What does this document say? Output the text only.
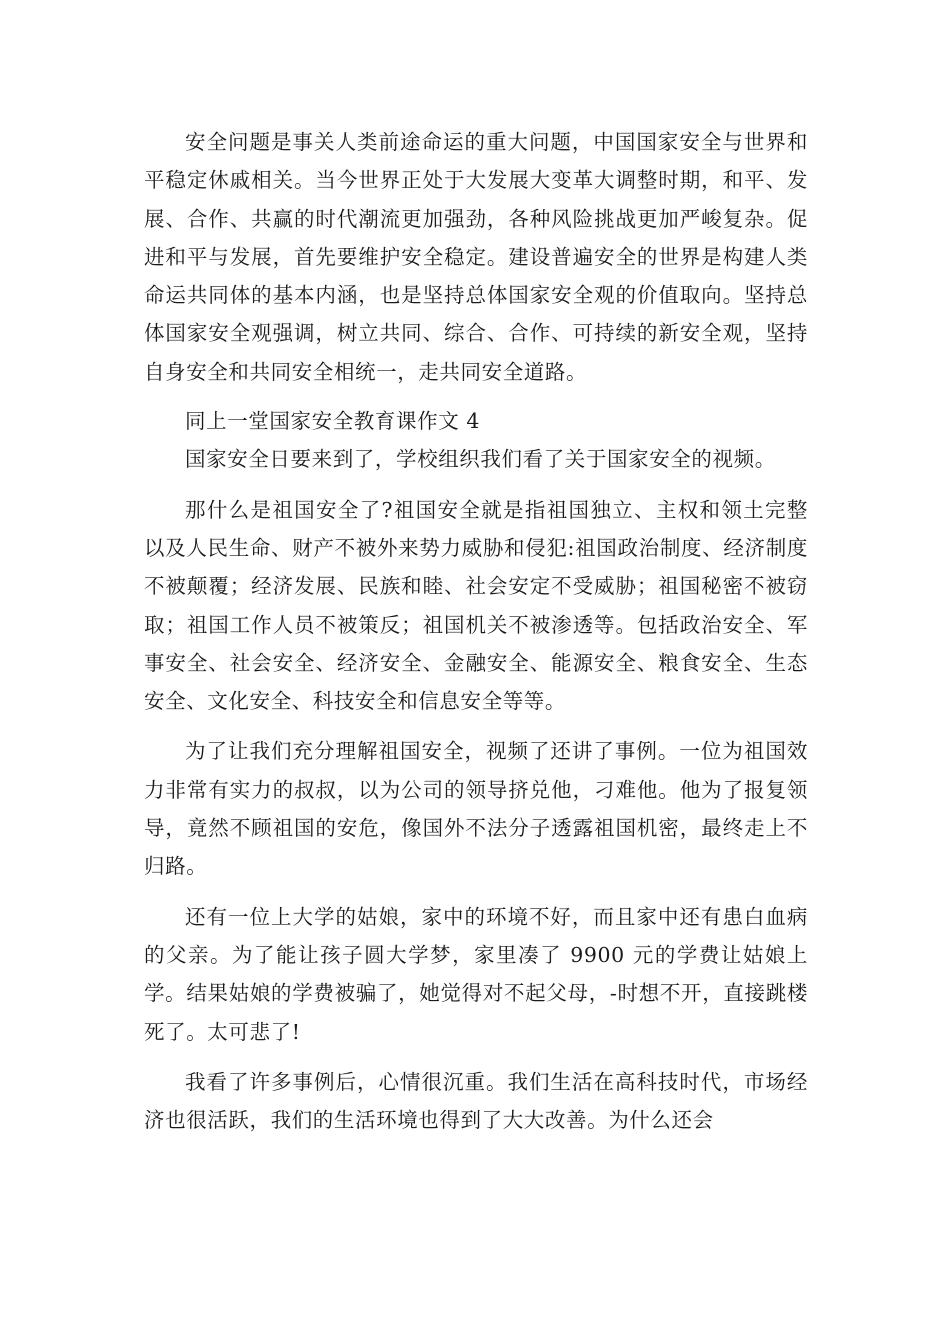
安全问题是事关人类前途命运的重大问题，中国国家安全与世界和平稳定休戚相关。当今世界正处于大发展大变革大调整时期，和平、发展、合作、共赢的时代潮流更加强劲，各种风险挑战更加严峻复杂。促进和平与发展，首先要维护安全稳定。建设普遍安全的世界是构建人类命运共同体的基本内涵，也是坚持总体国家安全观的价值取向。坚持总体国家安全观强调，树立共同、综合、合作、可持续的新安全观，坚持自身安全和共同安全相统一，走共同安全道路。

同上一堂国家安全教育课作文 4

国家安全日要来到了，学校组织我们看了关于国家安全的视频。

那什么是祖国安全了?祖国安全就是指祖国独立、主权和领土完整以及人民生命、财产不被外来势力威胁和侵犯:祖国政治制度、经济制度不被颠覆；经济发展、民族和睦、社会安定不受威胁；祖国秘密不被窃取；祖国工作人员不被策反；祖国机关不被渗透等。包括政治安全、军事安全、社会安全、经济安全、金融安全、能源安全、粮食安全、生态安全、文化安全、科技安全和信息安全等等。

为了让我们充分理解祖国安全，视频了还讲了事例。一位为祖国效力非常有实力的叔叔，以为公司的领导挤兑他，刁难他。他为了报复领导，竟然不顾祖国的安危，像国外不法分子透露祖国机密，最终走上不归路。

还有一位上大学的姑娘，家中的环境不好，而且家中还有患白血病的父亲。为了能让孩子圆大学梦，家里凑了 9900 元的学费让姑娘上学。结果姑娘的学费被骗了，她觉得对不起父母，-时想不开，直接跳楼死了。太可悲了!

我看了许多事例后，心情很沉重。我们生活在高科技时代，市场经济也很活跃，我们的生活环境也得到了大大改善。为什么还会
